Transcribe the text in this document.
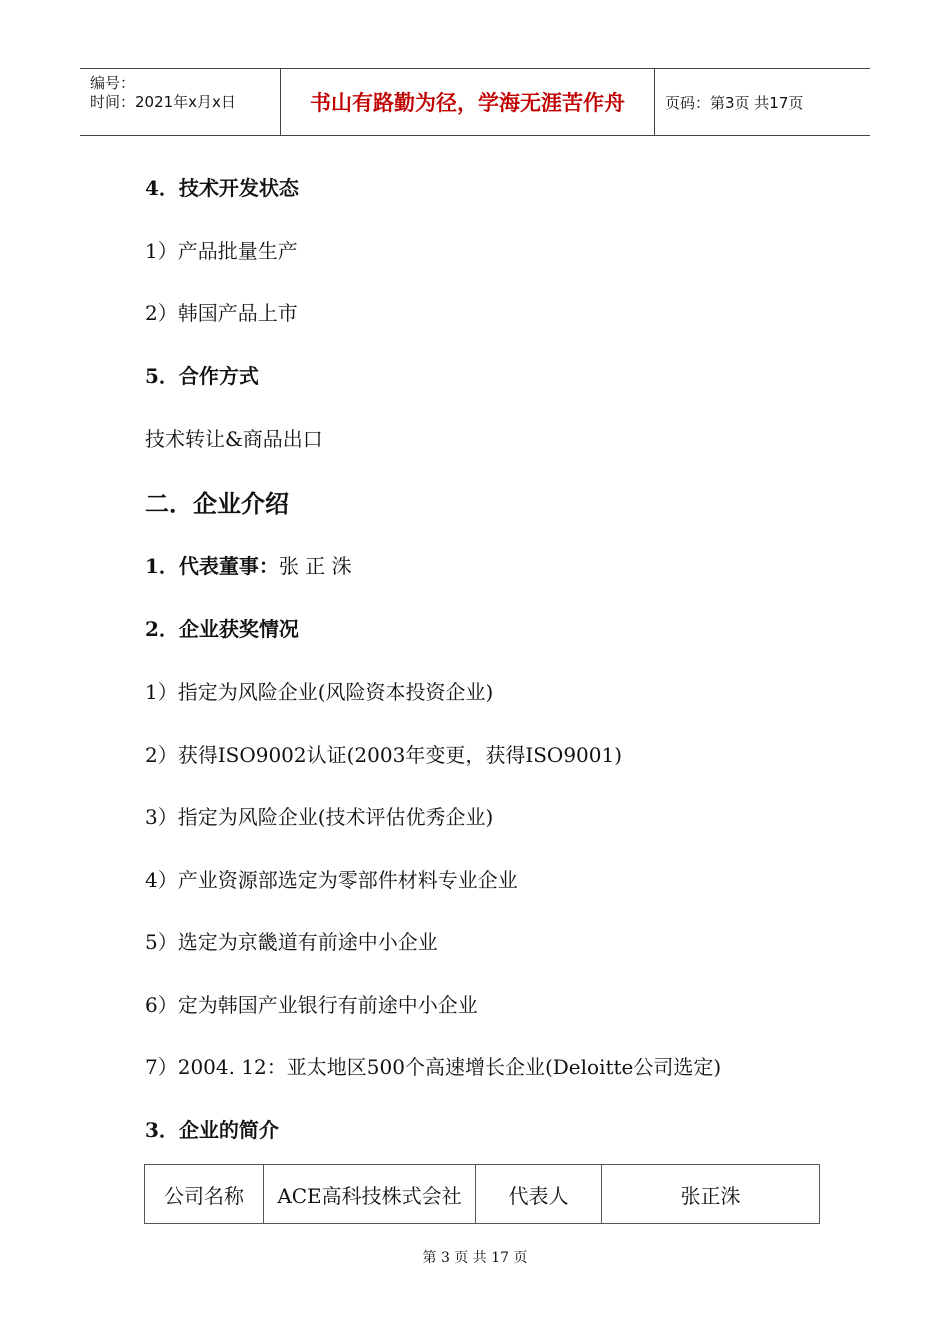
编号：
时间：2021年x月x日	书山有路勤为径，学海无涯苦作舟	页码：第3页 共17页
4．技术开发状态
1）产品批量生产
2）韩国产品上市
5．合作方式
技术转让&商品出口
二．企业介绍
1．代表董事：张 正 洙
2．企业获奖情况
1）指定为风险企业(风险资本投资企业)
2）获得ISO9002认证(2003年变更，获得ISO9001)
3）指定为风险企业(技术评估优秀企业)
4）产业资源部选定为零部件材料专业企业
5）选定为京畿道有前途中小企业
6）定为韩国产业银行有前途中小企业
7）2004. 12：亚太地区500个高速增长企业(Deloitte公司选定)
3．企业的简介
公司名称	ACE高科技株式会社	代表人	张正洙
第 3 页 共 17 页
